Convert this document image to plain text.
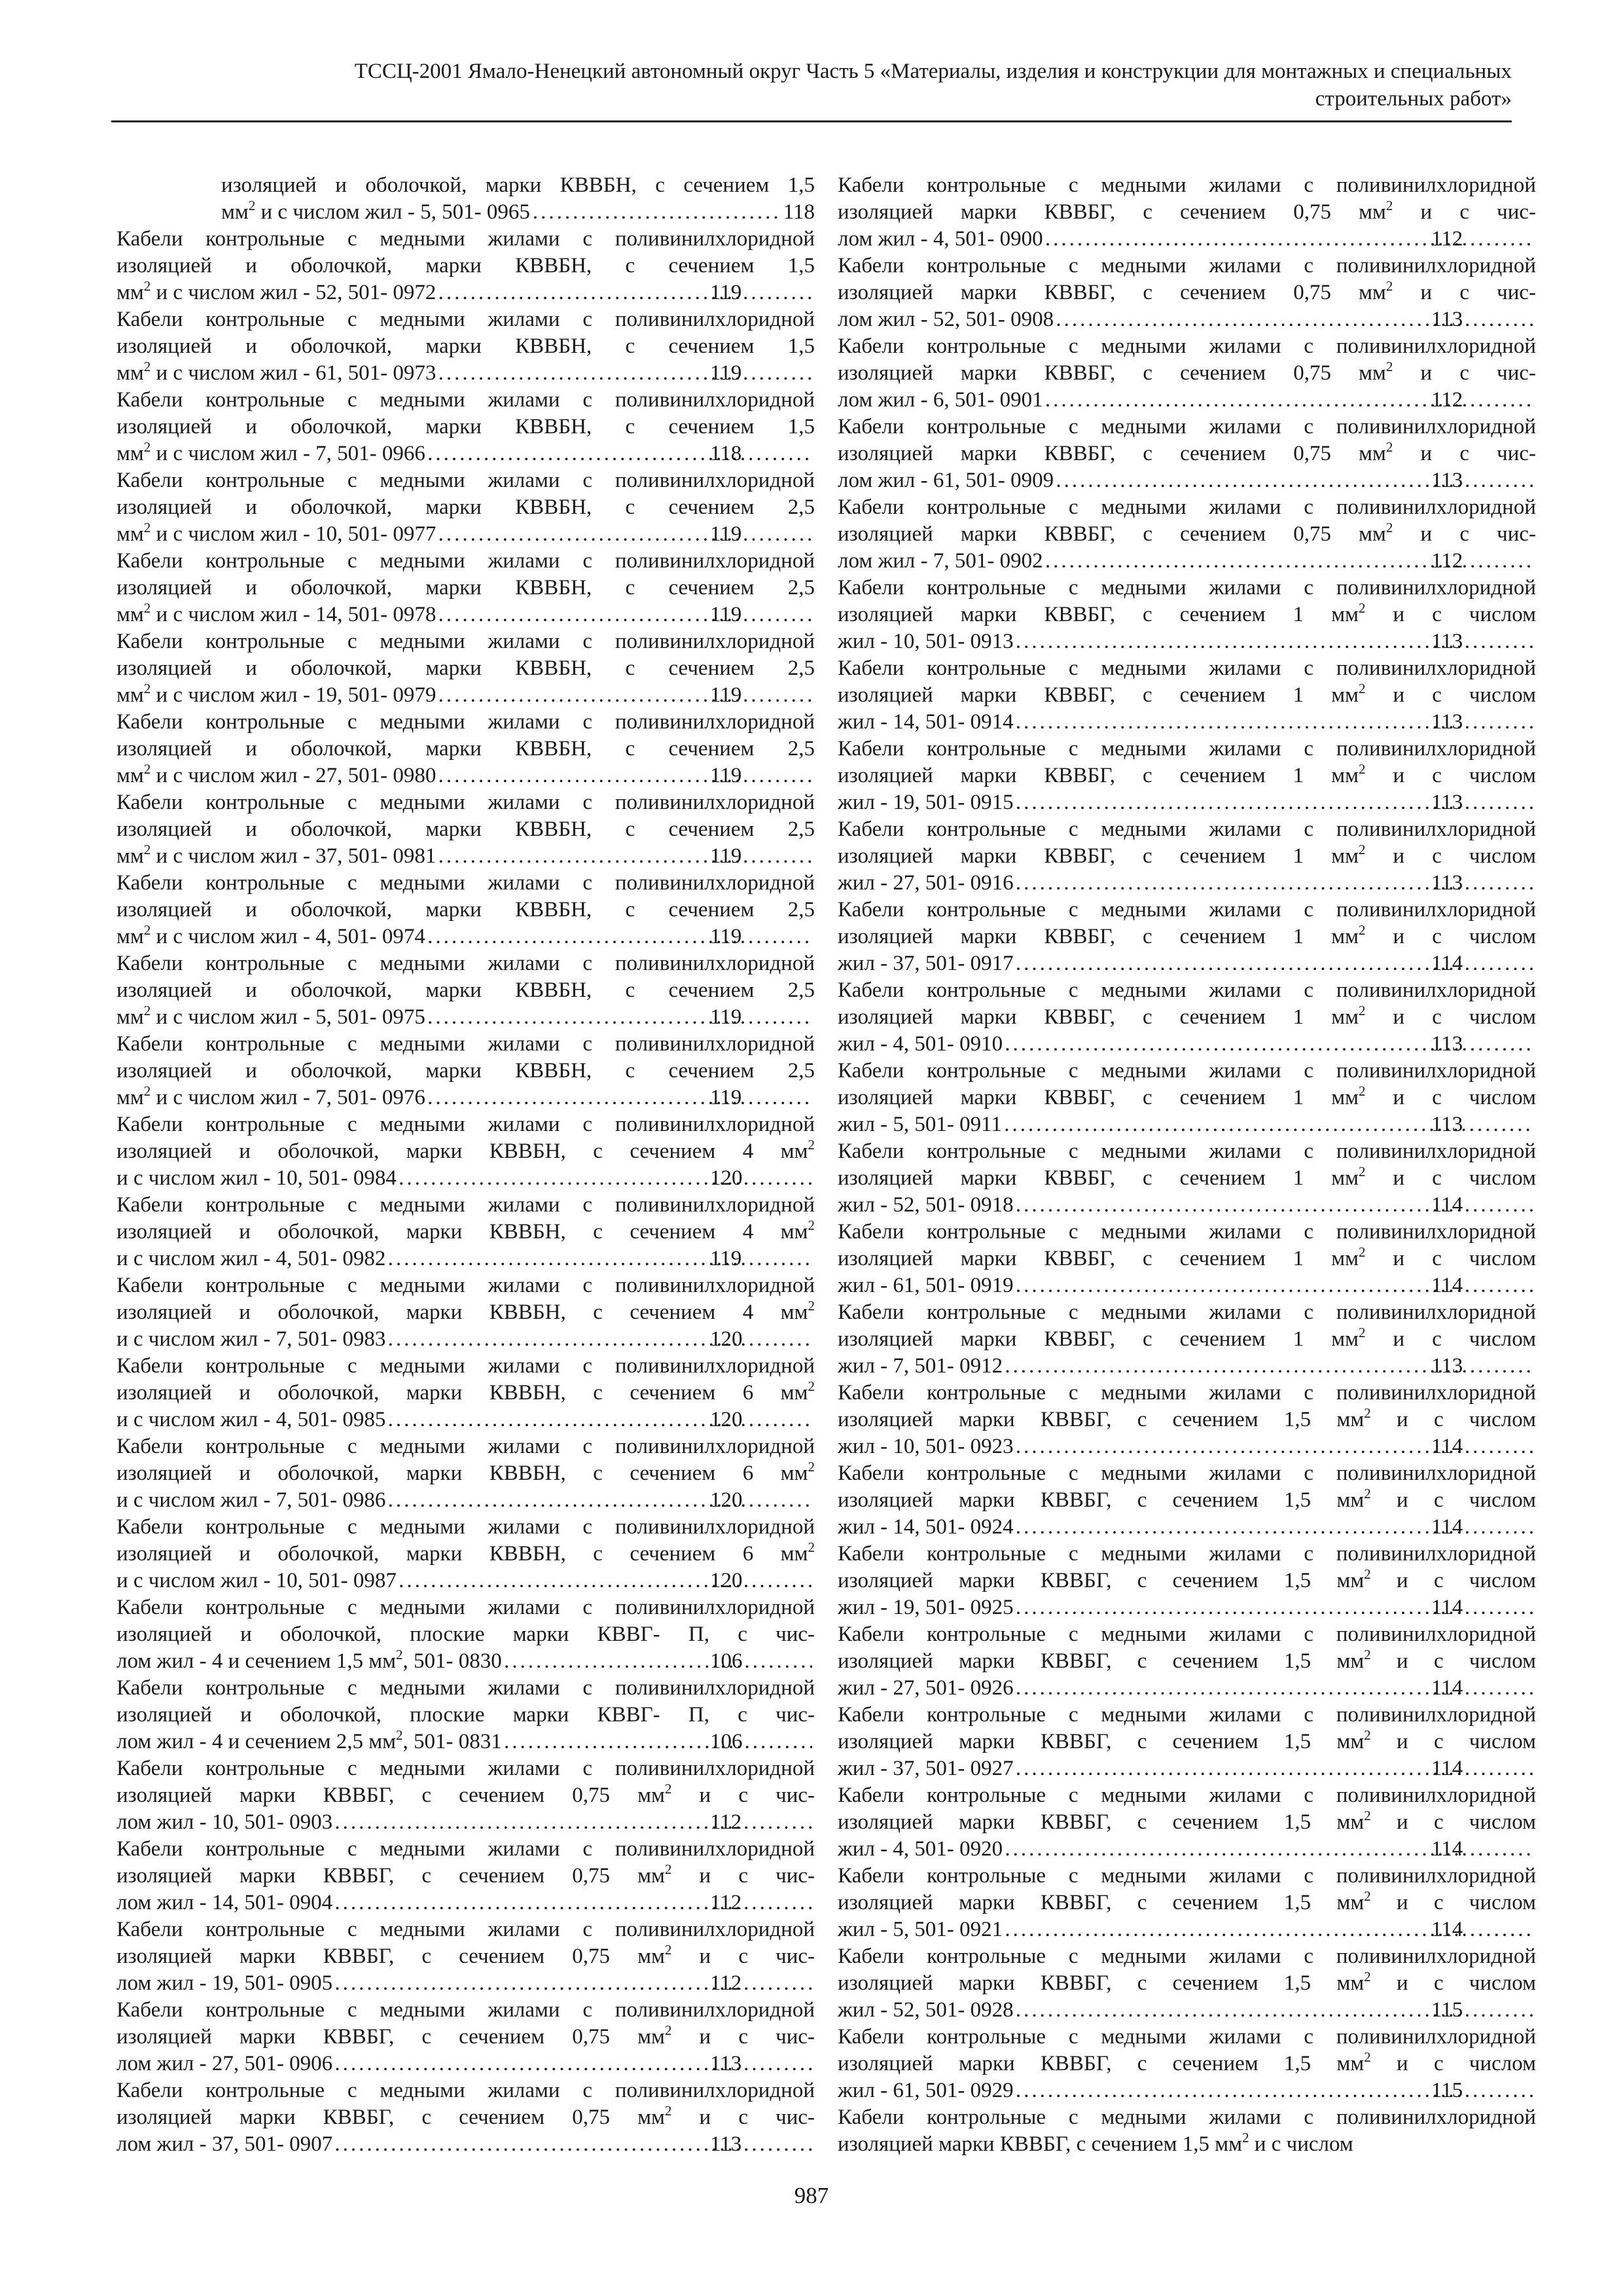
ТССЦ-2001 Ямало-Ненецкий автономный округ Часть 5 «Материалы, изделия и конструкции для монтажных и специальных
строительных работ»
изоляцией и оболочкой, марки КВВБН, с сечением 1,5
$мм^2$ и с числом жил - 5, 501- 0965 .....	118
Кабели контрольные с медными жилами с поливинилхлоридной
изоляцией и оболочкой, марки КВВБН, с сечением 1,5
$мм^2$ и с числом жил - 52, 501- 0972 .....	119
Кабели контрольные с медными жилами с поливинилхлоридной
изоляцией и оболочкой, марки КВВБН, с сечением 1,5
$мм^2$ и с числом жил - 61, 501- 0973 .....	119
Кабели контрольные с медными жилами с поливинилхлоридной
изоляцией и оболочкой, марки КВВБН, с сечением 1,5
$мм^2$ и с числом жил - 7, 501- 0966 .....	118
Кабели контрольные с медными жилами с поливинилхлоридной
изоляцией и оболочкой, марки КВВБН, с сечением 2,5
$мм^2$ и с числом жил - 10, 501- 0977 .....	119
Кабели контрольные с медными жилами с поливинилхлоридной
изоляцией и оболочкой, марки КВВБН, с сечением 2,5
$мм^2$ и с числом жил - 14, 501- 0978 .....	119
Кабели контрольные с медными жилами с поливинилхлоридной
изоляцией и оболочкой, марки КВВБН, с сечением 2,5
$мм^2$ и с числом жил - 19, 501- 0979 .....	119
Кабели контрольные с медными жилами с поливинилхлоридной
изоляцией и оболочкой, марки КВВБН, с сечением 2,5
$мм^2$ и с числом жил - 27, 501- 0980 .....	119
Кабели контрольные с медными жилами с поливинилхлоридной
изоляцией и оболочкой, марки КВВБН, с сечением 2,5
$мм^2$ и с числом жил - 37, 501- 0981 .....	119
Кабели контрольные с медными жилами с поливинилхлоридной
изоляцией и оболочкой, марки КВВБН, с сечением 2,5
$мм^2$ и с числом жил - 4, 501- 0974 .....	119
Кабели контрольные с медными жилами с поливинилхлоридной
изоляцией и оболочкой, марки КВВБН, с сечением 2,5
$мм^2$ и с числом жил - 5, 501- 0975 .....	119
Кабели контрольные с медными жилами с поливинилхлоридной
изоляцией и оболочкой, марки КВВБН, с сечением 2,5
$мм^2$ и с числом жил - 7, 501- 0976 .....	119
Кабели контрольные с медными жилами с поливинилхлоридной
изоляцией и оболочкой, марки КВВБН, с сечением 4 $мм^2$
и с числом жил - 10, 501- 0984 .....	120
Кабели контрольные с медными жилами с поливинилхлоридной
изоляцией и оболочкой, марки КВВБН, с сечением 4 $мм^2$
и с числом жил - 4, 501- 0982 .....	119
Кабели контрольные с медными жилами с поливинилхлоридной
изоляцией и оболочкой, марки КВВБН, с сечением 4 $мм^2$
и с числом жил - 7, 501- 0983 .....	120
Кабели контрольные с медными жилами с поливинилхлоридной
изоляцией и оболочкой, марки КВВБН, с сечением 6 $мм^2$
и с числом жил - 4, 501- 0985 .....	120
Кабели контрольные с медными жилами с поливинилхлоридной
изоляцией и оболочкой, марки КВВБН, с сечением 6 $мм^2$
и с числом жил - 7, 501- 0986 .....	120
Кабели контрольные с медными жилами с поливинилхлоридной
изоляцией и оболочкой, марки КВВБН, с сечением 6 $мм^2$
и с числом жил - 10, 501- 0987 .....	120
Кабели контрольные с медными жилами с поливинилхлоридной
изоляцией и оболочкой, плоские марки КВВГ- П, с чис-
лом жил - 4 и сечением 1,5 $мм^2$, 501- 0830 .....	106
Кабели контрольные с медными жилами с поливинилхлоридной
изоляцией и оболочкой, плоские марки КВВГ- П, с чис-
лом жил - 4 и сечением 2,5 $мм^2$, 501- 0831 .....	106
Кабели контрольные с медными жилами с поливинилхлоридной
изоляцией марки КВВБГ, с сечением 0,75 $мм^2$ и с чис-
лом жил - 10, 501- 0903 .....	112
Кабели контрольные с медными жилами с поливинилхлоридной
изоляцией марки КВВБГ, с сечением 0,75 $мм^2$ и с чис-
лом жил - 14, 501- 0904 .....	112
Кабели контрольные с медными жилами с поливинилхлоридной
изоляцией марки КВВБГ, с сечением 0,75 $мм^2$ и с чис-
лом жил - 19, 501- 0905 .....	112
Кабели контрольные с медными жилами с поливинилхлоридной
изоляцией марки КВВБГ, с сечением 0,75 $мм^2$ и с чис-
лом жил - 27, 501- 0906 .....	113
Кабели контрольные с медными жилами с поливинилхлоридной
изоляцией марки КВВБГ, с сечением 0,75 $мм^2$ и с чис-
лом жил - 37, 501- 0907 .....	113
Кабели контрольные с медными жилами с поливинилхлоридной
изоляцией марки КВВБГ, с сечением 0,75 $мм^2$ и с чис-
лом жил - 4, 501- 0900 .....	112
Кабели контрольные с медными жилами с поливинилхлоридной
изоляцией марки КВВБГ, с сечением 0,75 $мм^2$ и с чис-
лом жил - 52, 501- 0908 .....	113
Кабели контрольные с медными жилами с поливинилхлоридной
изоляцией марки КВВБГ, с сечением 0,75 $мм^2$ и с чис-
лом жил - 6, 501- 0901 .....	112
Кабели контрольные с медными жилами с поливинилхлоридной
изоляцией марки КВВБГ, с сечением 0,75 $мм^2$ и с чис-
лом жил - 61, 501- 0909 .....	113
Кабели контрольные с медными жилами с поливинилхлоридной
изоляцией марки КВВБГ, с сечением 0,75 $мм^2$ и с чис-
лом жил - 7, 501- 0902 .....	112
Кабели контрольные с медными жилами с поливинилхлоридной
изоляцией марки КВВБГ, с сечением 1 $мм^2$ и с числом
жил - 10, 501- 0913 .....	113
Кабели контрольные с медными жилами с поливинилхлоридной
изоляцией марки КВВБГ, с сечением 1 $мм^2$ и с числом
жил - 14, 501- 0914 .....	113
Кабели контрольные с медными жилами с поливинилхлоридной
изоляцией марки КВВБГ, с сечением 1 $мм^2$ и с числом
жил - 19, 501- 0915 .....	113
Кабели контрольные с медными жилами с поливинилхлоридной
изоляцией марки КВВБГ, с сечением 1 $мм^2$ и с числом
жил - 27, 501- 0916 .....	113
Кабели контрольные с медными жилами с поливинилхлоридной
изоляцией марки КВВБГ, с сечением 1 $мм^2$ и с числом
жил - 37, 501- 0917 .....	114
Кабели контрольные с медными жилами с поливинилхлоридной
изоляцией марки КВВБГ, с сечением 1 $мм^2$ и с числом
жил - 4, 501- 0910 .....	113
Кабели контрольные с медными жилами с поливинилхлоридной
изоляцией марки КВВБГ, с сечением 1 $мм^2$ и с числом
жил - 5, 501- 0911 .....	113
Кабели контрольные с медными жилами с поливинилхлоридной
изоляцией марки КВВБГ, с сечением 1 $мм^2$ и с числом
жил - 52, 501- 0918 .....	114
Кабели контрольные с медными жилами с поливинилхлоридной
изоляцией марки КВВБГ, с сечением 1 $мм^2$ и с числом
жил - 61, 501- 0919 .....	114
Кабели контрольные с медными жилами с поливинилхлоридной
изоляцией марки КВВБГ, с сечением 1 $мм^2$ и с числом
жил - 7, 501- 0912 .....	113
Кабели контрольные с медными жилами с поливинилхлоридной
изоляцией марки КВВБГ, с сечением 1,5 $мм^2$ и с числом
жил - 10, 501- 0923 .....	114
Кабели контрольные с медными жилами с поливинилхлоридной
изоляцией марки КВВБГ, с сечением 1,5 $мм^2$ и с числом
жил - 14, 501- 0924 .....	114
Кабели контрольные с медными жилами с поливинилхлоридной
изоляцией марки КВВБГ, с сечением 1,5 $мм^2$ и с числом
жил - 19, 501- 0925 .....	114
Кабели контрольные с медными жилами с поливинилхлоридной
изоляцией марки КВВБГ, с сечением 1,5 $мм^2$ и с числом
жил - 27, 501- 0926 .....	114
Кабели контрольные с медными жилами с поливинилхлоридной
изоляцией марки КВВБГ, с сечением 1,5 $мм^2$ и с числом
жил - 37, 501- 0927 .....	114
Кабели контрольные с медными жилами с поливинилхлоридной
изоляцией марки КВВБГ, с сечением 1,5 $мм^2$ и с числом
жил - 4, 501- 0920 .....	114
Кабели контрольные с медными жилами с поливинилхлоридной
изоляцией марки КВВБГ, с сечением 1,5 $мм^2$ и с числом
жил - 5, 501- 0921 .....	114
Кабели контрольные с медными жилами с поливинилхлоридной
изоляцией марки КВВБГ, с сечением 1,5 $мм^2$ и с числом
жил - 52, 501- 0928 .....	115
Кабели контрольные с медными жилами с поливинилхлоридной
изоляцией марки КВВБГ, с сечением 1,5 $мм^2$ и с числом
жил - 61, 501- 0929 .....	115
Кабели контрольные с медными жилами с поливинилхлоридной
изоляцией марки КВВБГ, с сечением 1,5 $мм^2$ и с числом
987
